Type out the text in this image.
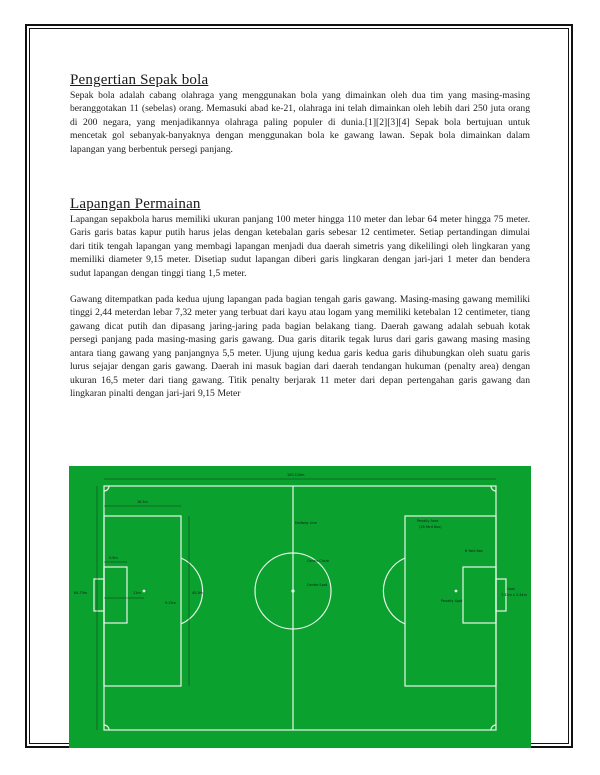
Pengertian Sepak bola

Sepak bola adalah cabang olahraga yang menggunakan bola yang dimainkan oleh dua tim yang masing-masing beranggotakan 11 (sebelas) orang. Memasuki abad ke-21, olahraga ini telah dimainkan oleh lebih dari 250 juta orang di 200 negara, yang menjadikannya olahraga paling populer di dunia.[1][2][3][4] Sepak bola bertujuan untuk mencetak gol sebanyak-banyaknya dengan menggunakan bola ke gawang lawan. Sepak bola dimainkan dalam lapangan yang berbentuk persegi panjang.

Lapangan Permainan

Lapangan sepakbola harus memiliki ukuran panjang 100 meter hingga 110 meter dan lebar 64 meter hingga 75 meter. Garis garis batas kapur putih harus jelas dengan ketebalan garis sebesar 12 centimeter. Setiap pertandingan dimulai dari titik tengah lapangan yang membagi lapangan menjadi dua daerah simetris yang dikelilingi oleh lingkaran yang memiliki diameter 9,15 meter. Disetiap sudut lapangan diberi garis lingkaran dengan jari-jari 1 meter dan bendera sudut lapangan dengan tinggi tiang 1,5 meter.

Gawang ditempatkan pada kedua ujung lapangan pada bagian tengah garis gawang. Masing-masing gawang memiliki tinggi 2,44 meterdan lebar 7,32 meter yang terbuat dari kayu atau logam yang memiliki ketebalan 12 centimeter, tiang gawang dicat putih dan dipasang jaring-jaring pada bagian belakang tiang. Daerah gawang adalah sebuah kotak persegi panjang pada masing-masing garis gawang. Dua garis ditarik tegak lurus dari garis gawang masing masing antara tiang gawang yang panjangnya 5,5 meter. Ujung ujung kedua garis kedua garis dihubungkan oleh suatu garis lurus sejajar dengan garis gawang. Daerah ini masuk bagian dari daerah tendangan hukuman (penalty area) dengan ukuran 16,5 meter dari tiang gawang. Titik penalty berjarak 11 meter dari depan pertengahan garis gawang dan lingkaran pinalti dengan jari-jari 9,15 Meter

100-110m
16.5m
5.5m
64-75m	11m
9.15m
40.3m
Halfway Line
Centre Circle
Centre Spot
Penalty Area
(18 Yard Box)
6 Yard Box
Penalty Spot
Goal
7.32m x 2.44m
